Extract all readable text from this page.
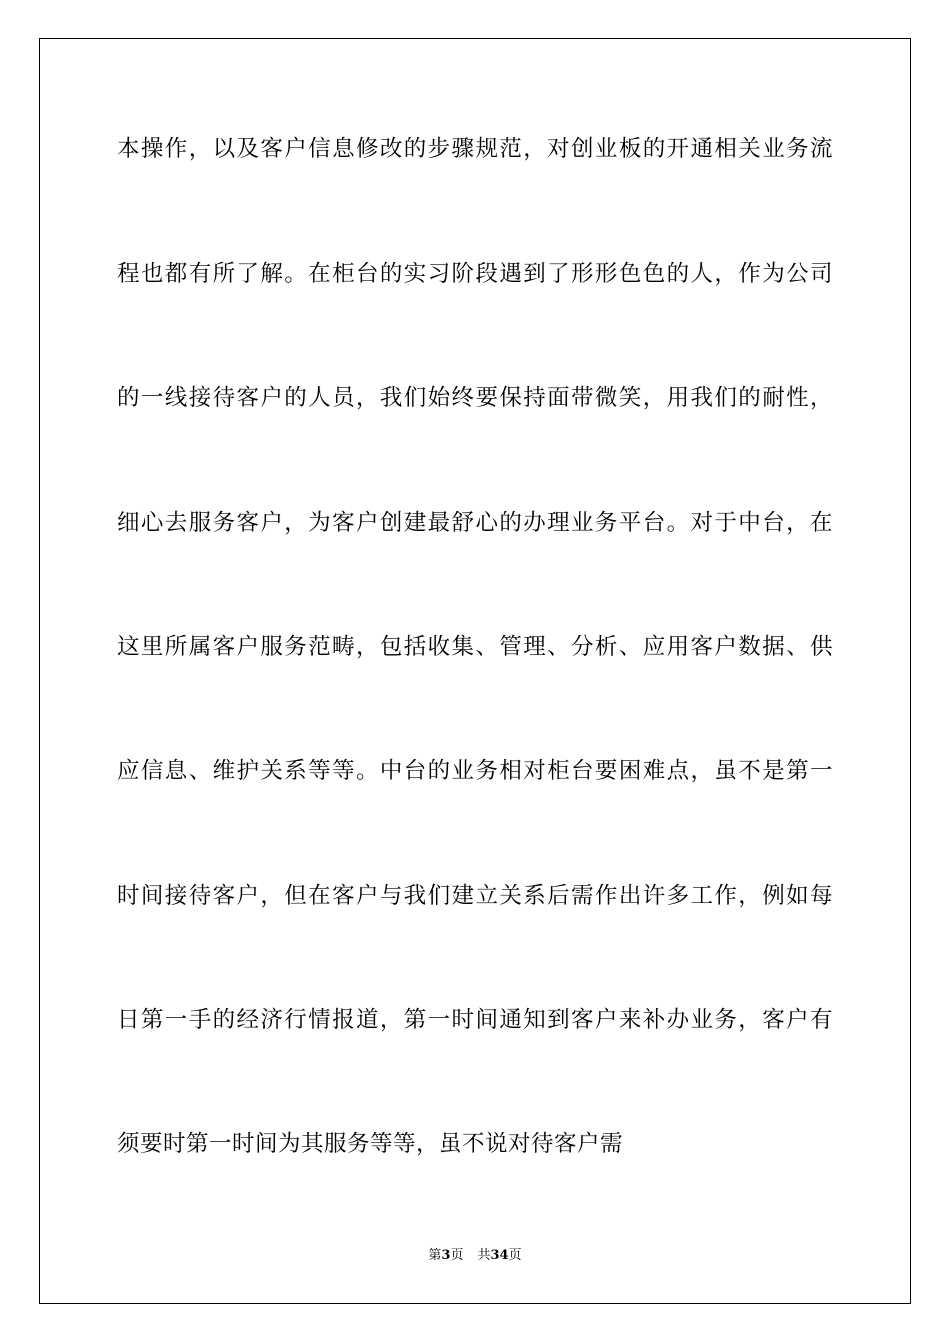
本操作，以及客户信息修改的步骤规范，对创业板的开通相关业务流
程也都有所了解。在柜台的实习阶段遇到了形形色色的人，作为公司
的一线接待客户的人员，我们始终要保持面带微笑，用我们的耐性，
细心去服务客户，为客户创建最舒心的办理业务平台。对于中台，在
这里所属客户服务范畴，包括收集、管理、分析、应用客户数据、供
应信息、维护关系等等。中台的业务相对柜台要困难点，虽不是第一
时间接待客户，但在客户与我们建立关系后需作出许多工作，例如每
日第一手的经济行情报道，第一时间通知到客户来补办业务，客户有
须要时第一时间为其服务等等，虽不说对待客户需
第3页 共34页
